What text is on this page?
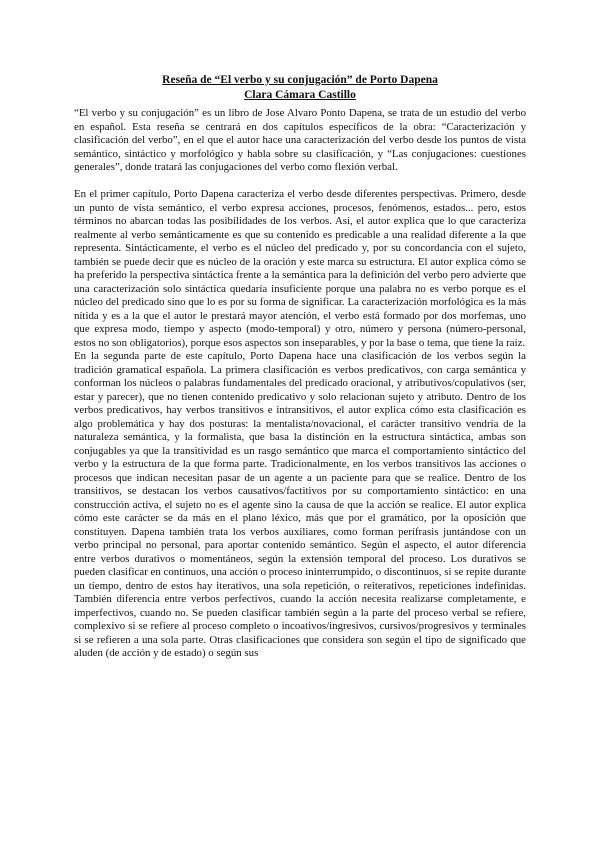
Reseña de “El verbo y su conjugación” de Porto Dapena
Clara Cámara Castillo

“El verbo y su conjugación” es un libro de Jose Alvaro Ponto Dapena, se trata de un estudio del verbo en español. Esta reseña se centrará en dos capítulos específicos de la obra: “Caracterización y clasificación del verbo”, en el que el autor hace una caracterización del verbo desde los puntos de vista semántico, sintáctico y morfológico y habla sobre su clasificación, y “Las conjugaciones: cuestiones generales”, donde tratará las conjugaciones del verbo como flexión verbal.

En el primer capítulo, Porto Dapena caracteriza el verbo desde diferentes perspectivas. Primero, desde un punto de vista semántico, el verbo expresa acciones, procesos, fenómenos, estados... pero, estos términos no abarcan todas las posibilidades de los verbos. Así, el autor explica que lo que caracteriza realmente al verbo semánticamente es que su contenido es predicable a una realidad diferente a la que representa. Sintácticamente, el verbo es el núcleo del predicado y, por su concordancia con el sujeto, también se puede decir que es núcleo de la oración y este marca su estructura. El autor explica cómo se ha preferido la perspectiva sintáctica frente a la semántica para la definición del verbo pero advierte que una caracterización solo sintáctica quedaría insuficiente porque una palabra no es verbo porque es el núcleo del predicado sino que lo es por su forma de significar. La caracterización morfológica es la más nítida y es a la que el autor le prestará mayor atención, el verbo está formado por dos morfemas, uno que expresa modo, tiempo y aspecto (modo-temporal) y otro, número y persona (número-personal, estos no son obligatorios), porque esos aspectos son inseparables, y por la base o tema, que tiene la raíz.

En la segunda parte de este capítulo, Porto Dapena hace una clasificación de los verbos según la tradición gramatical española. La primera clasificación es verbos predicativos, con carga semántica y conforman los núcleos o palabras fundamentales del predicado oracional, y atributivos/copulativos (ser, estar y parecer), que no tienen contenido predicativo y solo relacionan sujeto y atributo. Dentro de los verbos predicativos, hay verbos transitivos e intransitivos, el autor explica cómo esta clasificación es algo problemática y hay dos posturas: la mentalista/novacional, el carácter transitivo vendría de la naturaleza semántica, y la formalista, que basa la distinción en la estructura sintáctica, ambas son conjugables ya que la transitividad es un rasgo semántico que marca el comportamiento sintáctico del verbo y la estructura de la que forma parte. Tradicionalmente, en los verbos transitivos las acciones o procesos que indican necesitan pasar de un agente a un paciente para que se realice. Dentro de los transitivos, se destacan los verbos causativos/factitivos por su comportamiento sintáctico: en una construcción activa, el sujeto no es el agente sino la causa de que la acción se realice. El autor explica cómo este carácter se da más en el plano léxico, más que por el gramático, por la oposición que constituyen. Dapena también trata los verbos auxiliares, como forman perífrasis juntándose con un verbo principal no personal, para aportar contenido semántico. Según el aspecto, el autor diferencia entre verbos durativos o momentáneos, según la extensión temporal del proceso. Los durativos se pueden clasificar en continuos, una acción o proceso ininterrumpido, o discontinuos, si se repite durante un tiempo, dentro de estos hay iterativos, una sola repetición, o reiterativos, repeticiones indefinidas. También diferencia entre verbos perfectivos, cuando la acción necesita realizarse completamente, e imperfectivos, cuando no. Se pueden clasificar también según a la parte del proceso verbal se refiere, complexivo si se refiere al proceso completo o incoativos/ingresivos, cursivos/progresivos y terminales si se refieren a una sola parte. Otras clasificaciones que considera son según el tipo de significado que aluden (de acción y de estado) o según sus
